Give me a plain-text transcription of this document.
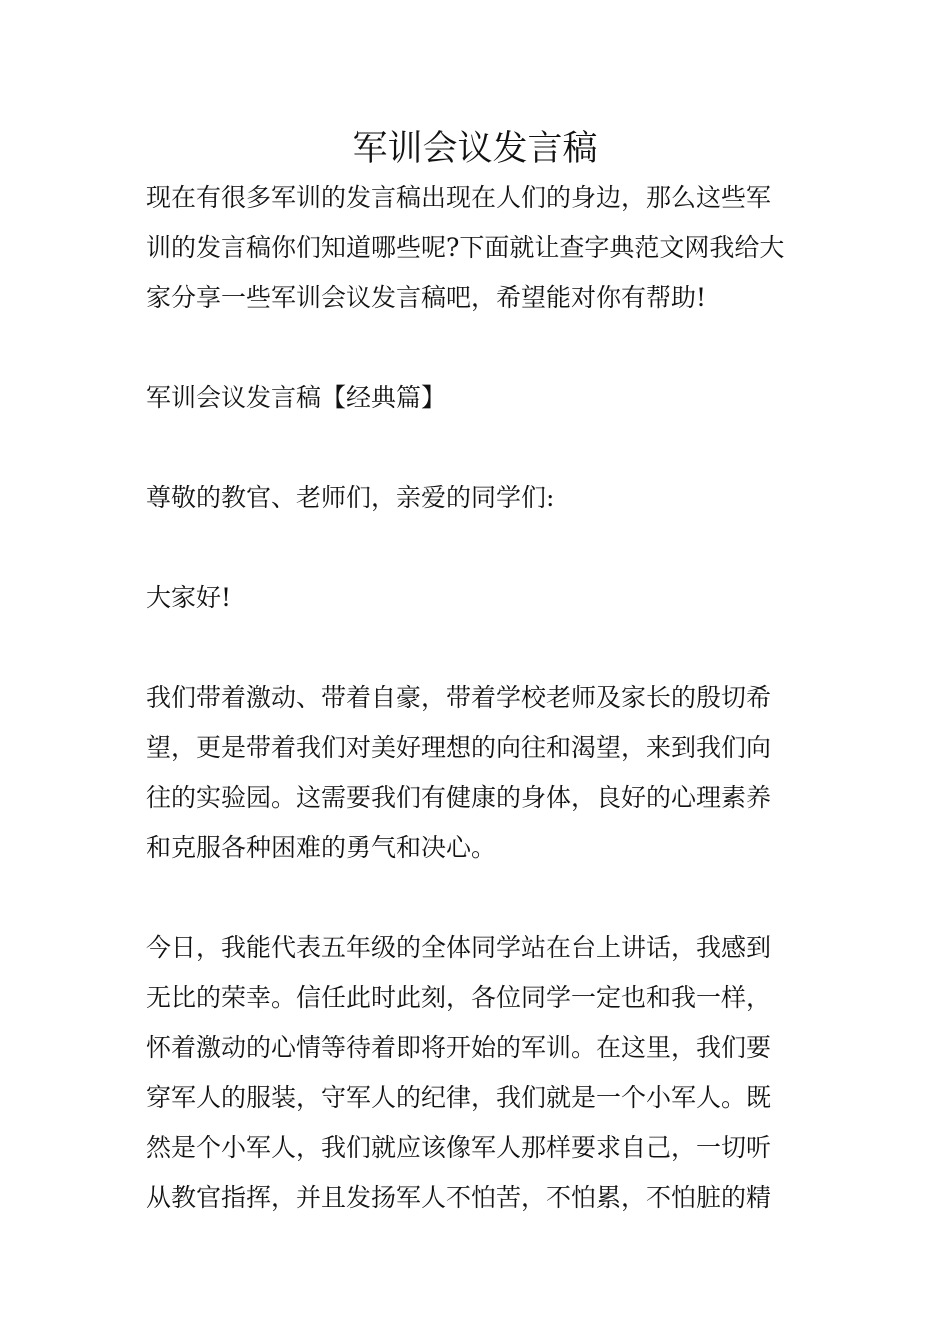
军训会议发言稿
现在有很多军训的发言稿出现在人们的身边，那么这些军
训的发言稿你们知道哪些呢?下面就让查字典范文网我给大
家分享一些军训会议发言稿吧，希望能对你有帮助!
军训会议发言稿【经典篇】
尊敬的教官、老师们，亲爱的同学们:
大家好!
我们带着激动、带着自豪，带着学校老师及家长的殷切希
望，更是带着我们对美好理想的向往和渴望，来到我们向
往的实验园。这需要我们有健康的身体，良好的心理素养
和克服各种困难的勇气和决心。
今日，我能代表五年级的全体同学站在台上讲话，我感到
无比的荣幸。信任此时此刻，各位同学一定也和我一样，
怀着激动的心情等待着即将开始的军训。在这里，我们要
穿军人的服装，守军人的纪律，我们就是一个小军人。既
然是个小军人，我们就应该像军人那样要求自己，一切听
从教官指挥，并且发扬军人不怕苦，不怕累，不怕脏的精
